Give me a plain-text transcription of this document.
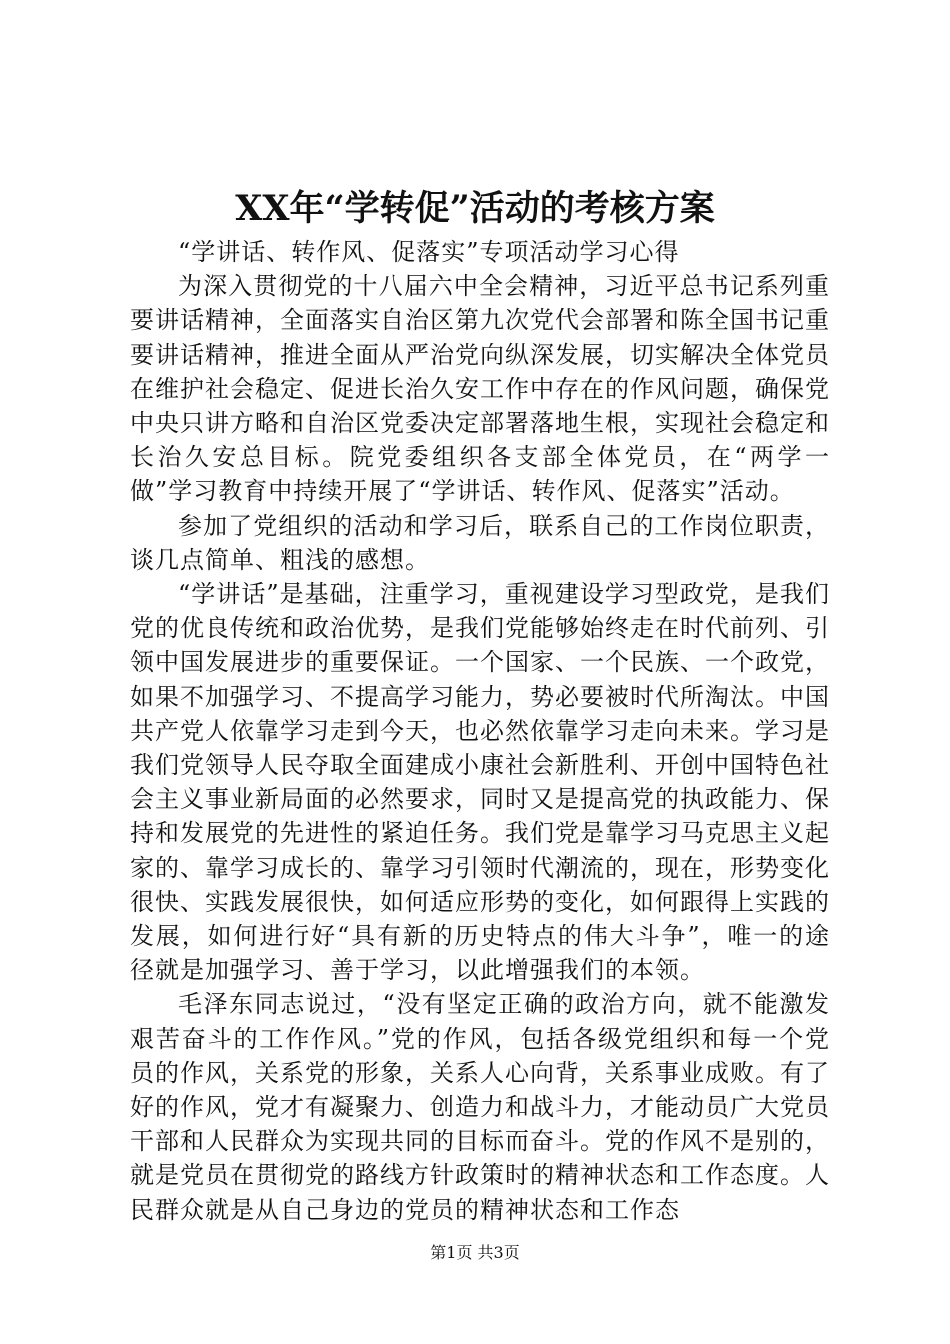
XX年“学转促”活动的考核方案

“学讲话、转作风、促落实”专项活动学习心得

为深入贯彻党的十八届六中全会精神，习近平总书记系列重要讲话精神，全面落实自治区第九次党代会部署和陈全国书记重要讲话精神，推进全面从严治党向纵深发展，切实解决全体党员在维护社会稳定、促进长治久安工作中存在的作风问题，确保党中央只讲方略和自治区党委决定部署落地生根，实现社会稳定和长治久安总目标。院党委组织各支部全体党员，在“两学一做”学习教育中持续开展了“学讲话、转作风、促落实”活动。

参加了党组织的活动和学习后，联系自己的工作岗位职责，谈几点简单、粗浅的感想。

“学讲话”是基础，注重学习，重视建设学习型政党，是我们党的优良传统和政治优势，是我们党能够始终走在时代前列、引领中国发展进步的重要保证。一个国家、一个民族、一个政党，如果不加强学习、不提高学习能力，势必要被时代所淘汰。中国共产党人依靠学习走到今天，也必然依靠学习走向未来。学习是我们党领导人民夺取全面建成小康社会新胜利、开创中国特色社会主义事业新局面的必然要求，同时又是提高党的执政能力、保持和发展党的先进性的紧迫任务。我们党是靠学习马克思主义起家的、靠学习成长的、靠学习引领时代潮流的，现在，形势变化很快、实践发展很快，如何适应形势的变化，如何跟得上实践的发展，如何进行好“具有新的历史特点的伟大斗争”，唯一的途径就是加强学习、善于学习，以此增强我们的本领。

毛泽东同志说过，“没有坚定正确的政治方向，就不能激发艰苦奋斗的工作作风。”党的作风，包括各级党组织和每一个党员的作风，关系党的形象，关系人心向背，关系事业成败。有了好的作风，党才有凝聚力、创造力和战斗力，才能动员广大党员干部和人民群众为实现共同的目标而奋斗。党的作风不是别的，就是党员在贯彻党的路线方针政策时的精神状态和工作态度。人民群众就是从自己身边的党员的精神状态和工作态

第1页 共3页
